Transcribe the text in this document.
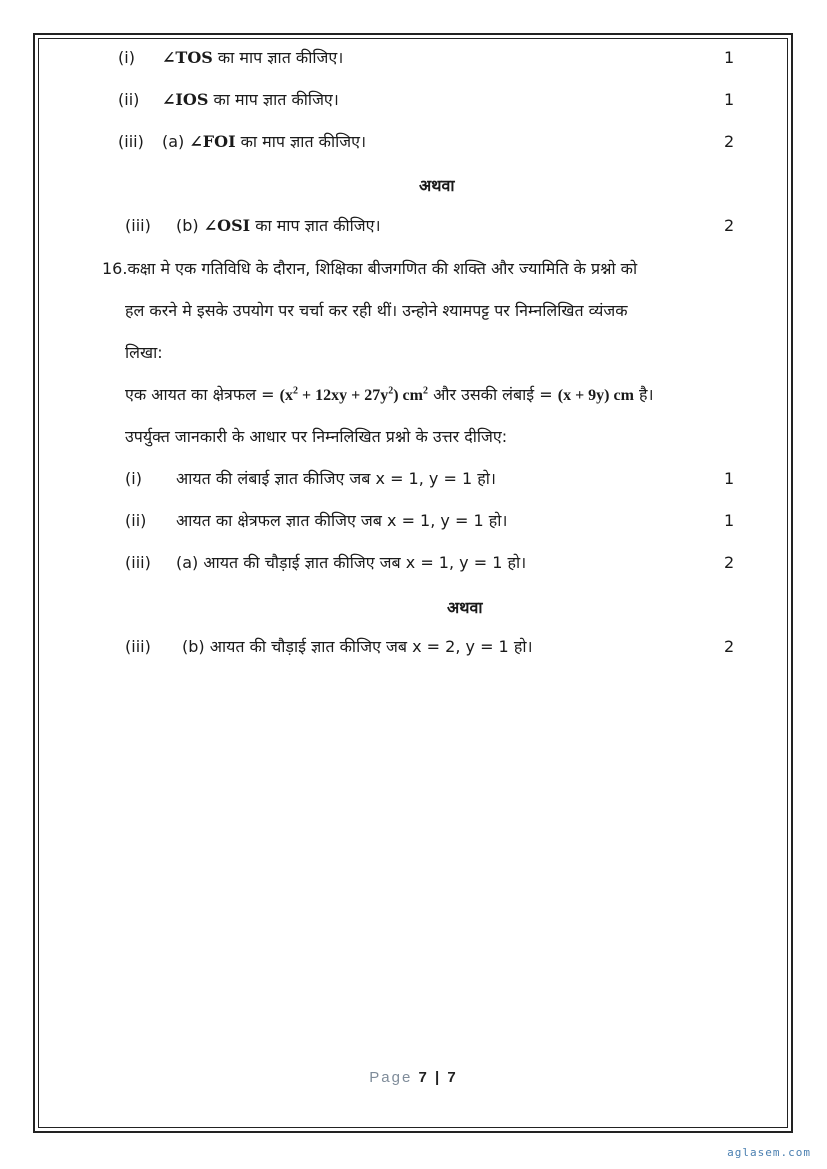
(i) ∠TOS का माप ज्ञात कीजिए।	1
(ii) ∠IOS का माप ज्ञात कीजिए।	1
(iii) (a) ∠FOI का माप ज्ञात कीजिए।	2
अथवा
(iii) (b) ∠OSI का माप ज्ञात कीजिए।	2
16.कक्षा मे एक गतिविधि के दौरान, शिक्षिका बीजगणित की शक्ति और ज्यामिति के प्रश्नो को
हल करने मे इसके उपयोग पर चर्चा कर रही थीं। उन्होने श्यामपट्ट पर निम्नलिखित व्यंजक
लिखा:
एक आयत का क्षेत्रफल = $(x^2 + 12xy + 27y^2)$ $cm^2$ और उसकी लंबाई = (x + 9y) cm है।
उपर्युक्त जानकारी के आधार पर निम्नलिखित प्रश्नो के उत्तर दीजिए:
(i) आयत की लंबाई ज्ञात कीजिए जब x = 1, y = 1 हो।	1
(ii) आयत का क्षेत्रफल ज्ञात कीजिए जब x = 1, y = 1 हो।	1
(iii) (a) आयत की चौड़ाई ज्ञात कीजिए जब x = 1, y = 1 हो।	2
अथवा
(iii) (b) आयत की चौड़ाई ज्ञात कीजिए जब x = 2, y = 1 हो।	2
Page 7 | 7
aglasem.com
